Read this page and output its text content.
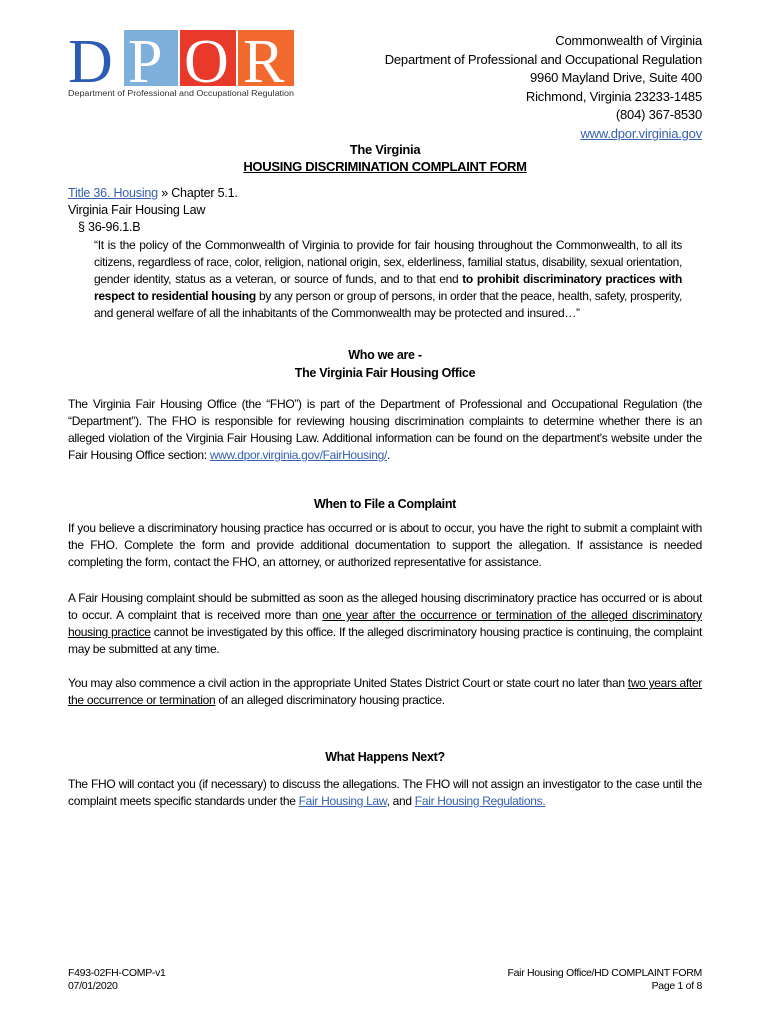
D P O R
Department of Professional and Occupational Regulation
Commonwealth of Virginia
Department of Professional and Occupational Regulation
9960 Mayland Drive, Suite 400
Richmond, Virginia 23233-1485
(804) 367-8530
www.dpor.virginia.gov
The Virginia
HOUSING DISCRIMINATION COMPLAINT FORM
Title 36. Housing » Chapter 5.1.
Virginia Fair Housing Law
§ 36-96.1.B
“It is the policy of the Commonwealth of Virginia to provide for fair housing throughout the Commonwealth, to all its citizens, regardless of race, color, religion, national origin, sex, elderliness, familial status, disability, sexual orientation, gender identity, status as a veteran, or source of funds, and to that end to prohibit discriminatory practices with respect to residential housing by any person or group of persons, in order that the peace, health, safety, prosperity, and general welfare of all the inhabitants of the Commonwealth may be protected and insured…”
Who we are -
The Virginia Fair Housing Office
The Virginia Fair Housing Office (the “FHO”) is part of the Department of Professional and Occupational Regulation (the “Department”). The FHO is responsible for reviewing housing discrimination complaints to determine whether there is an alleged violation of the Virginia Fair Housing Law. Additional information can be found on the department's website under the Fair Housing Office section: www.dpor.virginia.gov/FairHousing/.
When to File a Complaint
If you believe a discriminatory housing practice has occurred or is about to occur, you have the right to submit a complaint with the FHO. Complete the form and provide additional documentation to support the allegation. If assistance is needed completing the form, contact the FHO, an attorney, or authorized representative for assistance.
A Fair Housing complaint should be submitted as soon as the alleged housing discriminatory practice has occurred or is about to occur. A complaint that is received more than one year after the occurrence or termination of the alleged discriminatory housing practice cannot be investigated by this office. If the alleged discriminatory housing practice is continuing, the complaint may be submitted at any time.
You may also commence a civil action in the appropriate United States District Court or state court no later than two years after the occurrence or termination of an alleged discriminatory housing practice.
What Happens Next?
The FHO will contact you (if necessary) to discuss the allegations. The FHO will not assign an investigator to the case until the complaint meets specific standards under the Fair Housing Law, and Fair Housing Regulations.
F493-02FH-COMP-v1
07/01/2020
Fair Housing Office/HD COMPLAINT FORM
Page 1 of 8
